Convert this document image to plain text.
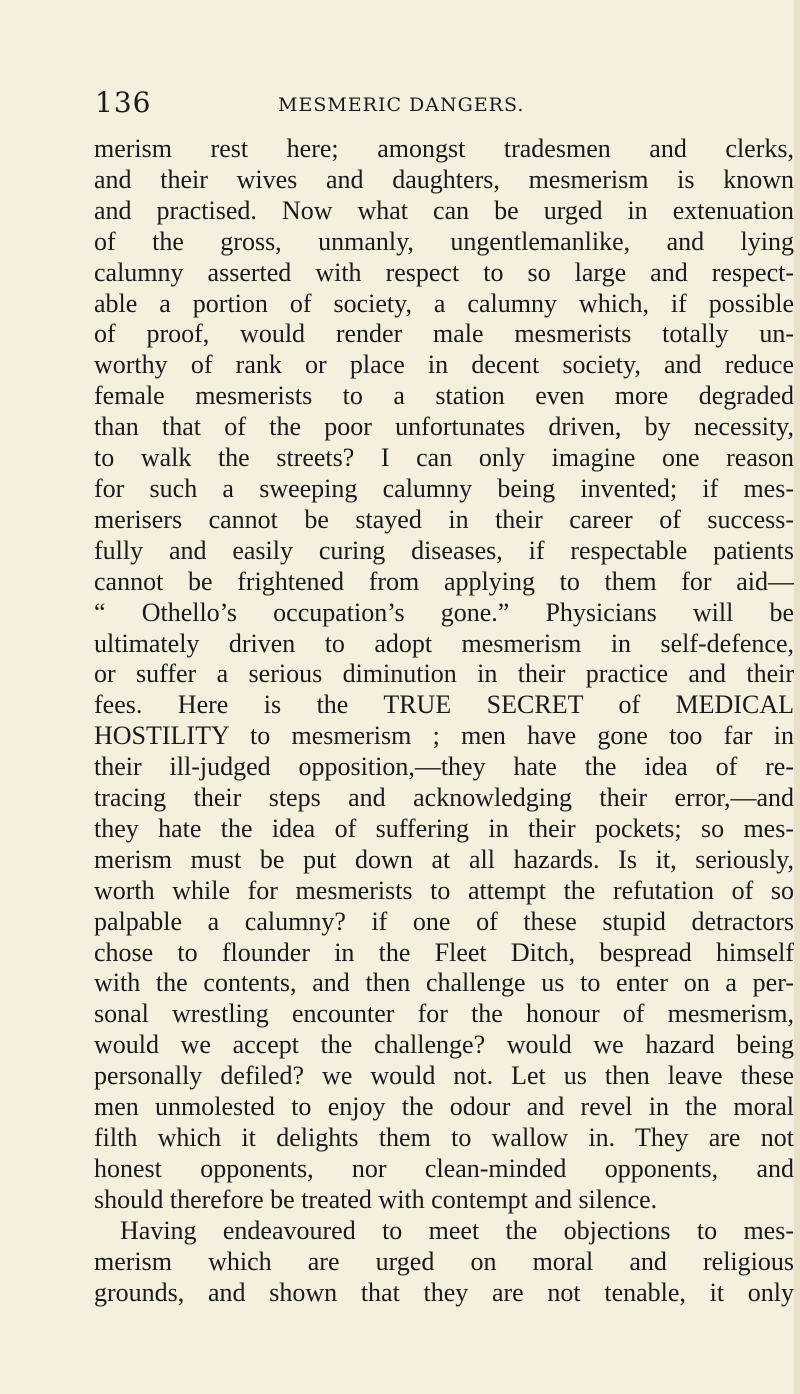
136	MESMERIC DANGERS.
merism rest here; amongst tradesmen and clerks,
and their wives and daughters, mesmerism is known
and practised. Now what can be urged in extenuation
of the gross, unmanly, ungentlemanlike, and lying
calumny asserted with respect to so large and respect-
able a portion of society, a calumny which, if possible
of proof, would render male mesmerists totally un-
worthy of rank or place in decent society, and reduce
female mesmerists to a station even more degraded
than that of the poor unfortunates driven, by necessity,
to walk the streets? I can only imagine one reason
for such a sweeping calumny being invented; if mes-
merisers cannot be stayed in their career of success-
fully and easily curing diseases, if respectable patients
cannot be frightened from applying to them for aid—
“ Othello’s occupation’s gone.” Physicians will be
ultimately driven to adopt mesmerism in self-defence,
or suffer a serious diminution in their practice and their
fees. Here is the TRUE SECRET of MEDICAL
HOSTILITY to mesmerism ; men have gone too far in
their ill-judged opposition,—they hate the idea of re-
tracing their steps and acknowledging their error,—and
they hate the idea of suffering in their pockets; so mes-
merism must be put down at all hazards. Is it, seriously,
worth while for mesmerists to attempt the refutation of so
palpable a calumny? if one of these stupid detractors
chose to flounder in the Fleet Ditch, bespread himself
with the contents, and then challenge us to enter on a per-
sonal wrestling encounter for the honour of mesmerism,
would we accept the challenge? would we hazard being
personally defiled? we would not. Let us then leave these
men unmolested to enjoy the odour and revel in the moral
filth which it delights them to wallow in. They are not
honest opponents, nor clean-minded opponents, and
should therefore be treated with contempt and silence.
Having endeavoured to meet the objections to mes-
merism which are urged on moral and religious
grounds, and shown that they are not tenable, it only
